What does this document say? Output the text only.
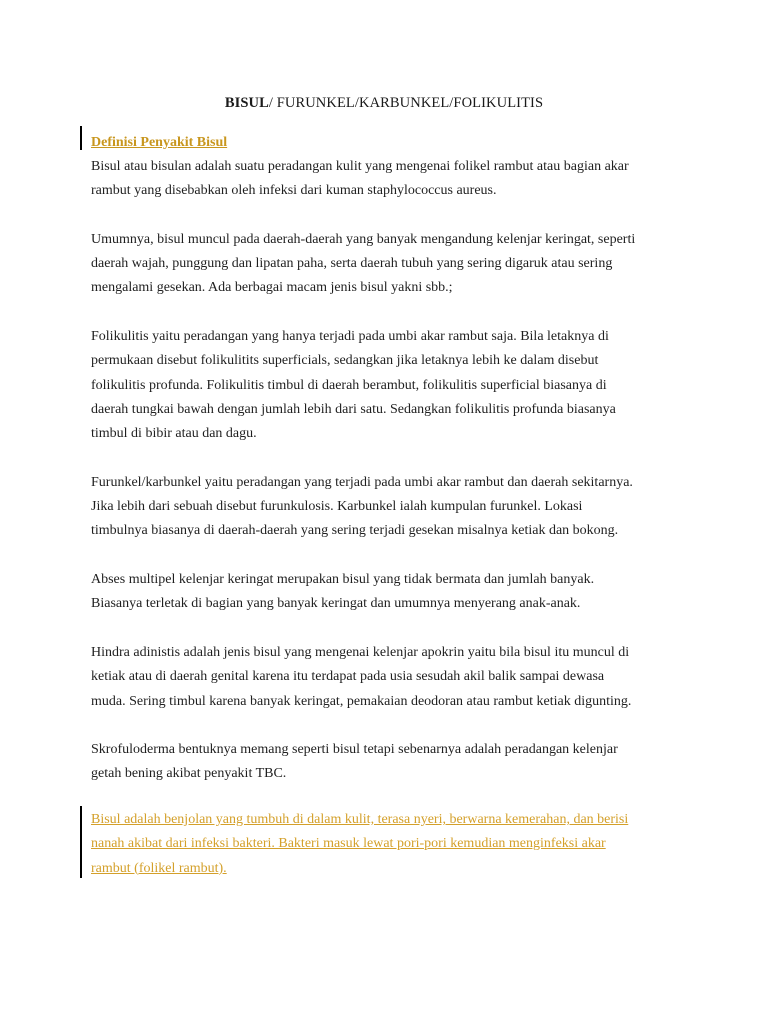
BISUL/ FURUNKEL/KARBUNKEL/FOLIKULITIS
Definisi Penyakit Bisul

Bisul atau bisulan adalah suatu peradangan kulit yang mengenai folikel rambut atau bagian akar
rambut yang disebabkan oleh infeksi dari kuman staphylococcus aureus.

Umumnya, bisul muncul pada daerah-daerah yang banyak mengandung kelenjar keringat, seperti
daerah wajah, punggung dan lipatan paha, serta daerah tubuh yang sering digaruk atau sering
mengalami gesekan. Ada berbagai macam jenis bisul yakni sbb.;

Folikulitis yaitu peradangan yang hanya terjadi pada umbi akar rambut saja. Bila letaknya di
permukaan disebut folikulitits superficials, sedangkan jika letaknya lebih ke dalam disebut
folikulitis profunda. Folikulitis timbul di daerah berambut, folikulitis superficial biasanya di
daerah tungkai bawah dengan jumlah lebih dari satu. Sedangkan folikulitis profunda biasanya
timbul di bibir atau dan dagu.

Furunkel/karbunkel yaitu peradangan yang terjadi pada umbi akar rambut dan daerah sekitarnya.
Jika lebih dari sebuah disebut furunkulosis. Karbunkel ialah kumpulan furunkel. Lokasi
timbulnya biasanya di daerah-daerah yang sering terjadi gesekan misalnya ketiak dan bokong.

Abses multipel kelenjar keringat merupakan bisul yang tidak bermata dan jumlah banyak.
Biasanya terletak di bagian yang banyak keringat dan umumnya menyerang anak-anak.

Hindra adinistis adalah jenis bisul yang mengenai kelenjar apokrin yaitu bila bisul itu muncul di
ketiak atau di daerah genital karena itu terdapat pada usia sesudah akil balik sampai dewasa
muda. Sering timbul karena banyak keringat, pemakaian deodoran atau rambut ketiak digunting.

Skrofuloderma bentuknya memang seperti bisul tetapi sebenarnya adalah peradangan kelenjar
getah bening akibat penyakit TBC.

Bisul adalah benjolan yang tumbuh di dalam kulit, terasa nyeri, berwarna kemerahan, dan berisi
nanah akibat dari infeksi bakteri. Bakteri masuk lewat pori-pori kemudian menginfeksi akar
rambut (folikel rambut).
